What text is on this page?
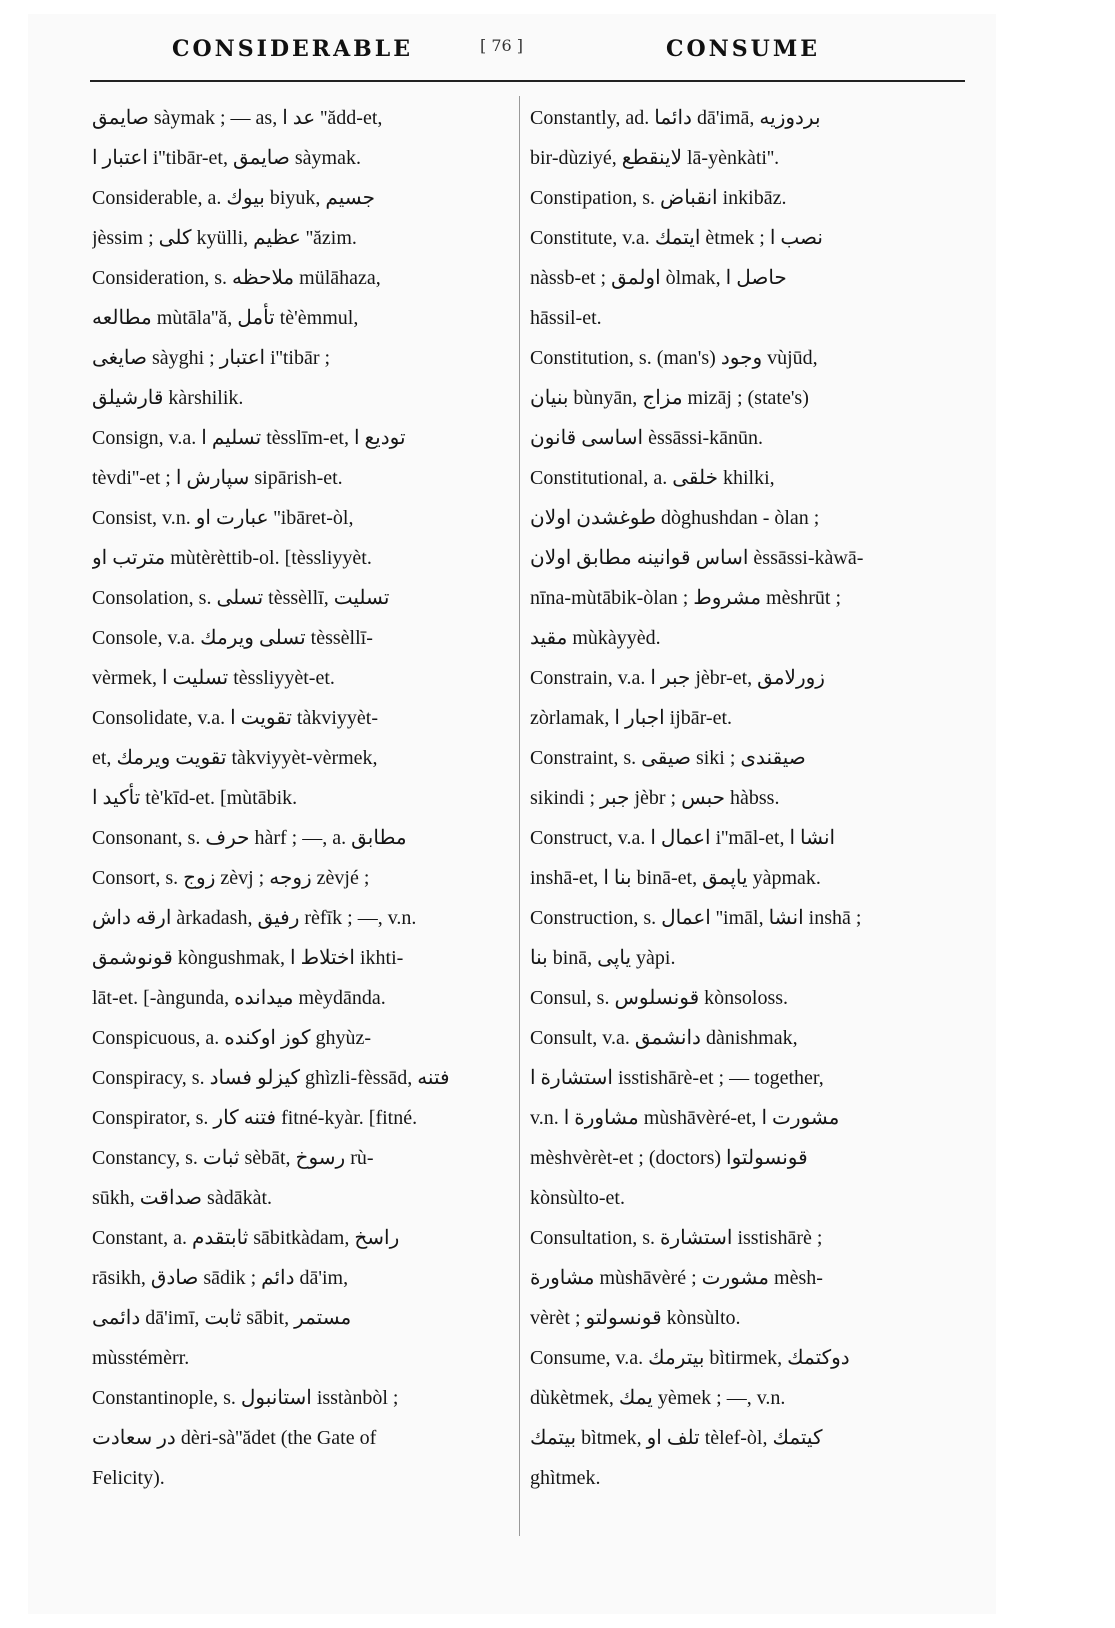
CONSIDERABLE	[ 76 ]	CONSUME
صايمق sàymak ; — as, عد ا ''ădd-et,
اعتبار ا i''tibār-et, صايمق sàymak.
Considerable, a. بيوك biyuk, جسيم
jèssim ; كلى kyülli, عظيم ''ăzim.
Consideration, s. ملاحظه mülāhaza,
مطالعه mùtāla''ă, تأمل tè'èmmul,
صايغى sàyghi ; اعتبار i''tibār ;
قارشيلق kàrshilik.
Consign, v.a. تسليم ا tèsslīm-et, توديع ا
tèvdi''-et ; سپارش ا sipārish-et.
Consist, v.n. عبارت او ''ibāret-òl,
مترتب او mùtèrèttib-ol. [tèssliyyèt.
Consolation, s. تسلى tèssèllī, تسليت
Console, v.a. تسلى ويرمك tèssèllī-
vèrmek, تسليت ا tèssliyyèt-et.
Consolidate, v.a. تقويت ا tàkviyyèt-
et, تقويت ويرمك tàkviyyèt-vèrmek,
تأكيد ا tè'kīd-et. [mùtābik.
Consonant, s. حرف hàrf ; —, a. مطابق
Consort, s. زوج zèvj ; زوجه zèvjé ;
ارقه داش àrkadash, رفيق rèfīk ; —, v.n.
قونوشمق kòngushmak, اختلاط ا ikhti-
lāt-et. [-àngunda, ميدانده mèydānda.
Conspicuous, a. كوز اوكنده ghyùz-
Conspiracy, s. كيزلو فساد ghìzli-fèssād, فتنه
Conspirator, s. فتنه كار fitné-kyàr. [fitné.
Constancy, s. ثبات sèbāt, رسوخ rù-
sūkh, صداقت sàdākàt.
Constant, a. ثابتقدم sābitkàdam, راسخ
rāsikh, صادق sādik ; دائم dā'im,
دائمى dā'imī, ثابت sābit, مستمر
mùsstémèrr.
Constantinople, s. استانبول isstànbòl ;
در سعادت dèri-sà''ădet (the Gate of
Felicity).
Constantly, ad. دائما dā'imā, بردوزيه
bir-dùziyé, لاينقطع lā-yènkàti''.
Constipation, s. انقباض inkibāz.
Constitute, v.a. ايتمك ètmek ; نصب ا
nàssb-et ; اولمق òlmak, حاصل ا
hāssil-et.
Constitution, s. (man's) وجود vùjūd,
بنيان bùnyān, مزاج mizāj ; (state's)
اساسى قانون èssāssi-kānūn.
Constitutional, a. خلقى khilki,
طوغشدن اولان dòghushdan - òlan ;
اساس قوانينه مطابق اولان èssāssi-kàwā-
nīna-mùtābik-òlan ; مشروط mèshrūt ;
مقيد mùkàyyèd.
Constrain, v.a. جبر ا jèbr-et, زورلامق
zòrlamak, اجبار ا ijbār-et.
Constraint, s. صيقى siki ; صيقندى
sikindi ; جبر jèbr ; حبس hàbss.
Construct, v.a. اعمال ا i''māl-et, انشا ا
inshā-et, بنا ا binā-et, ياپمق yàpmak.
Construction, s. اعمال ''imāl, انشا inshā ;
بنا binā, ياپى yàpi.
Consul, s. قونسلوس kònsoloss.
Consult, v.a. دانشمق dànishmak,
استشارة ا isstishārè-et ; — together,
v.n. مشاورة ا mùshāvèré-et, مشورت ا
mèshvèrèt-et ; (doctors) قونسولتوا
kònsùlto-et.
Consultation, s. استشارة isstishārè ;
مشاورة mùshāvèré ; مشورت mèsh-
vèrèt ; قونسولتو kònsùlto.
Consume, v.a. بيترمك bìtirmek, دوكتمك
dùkètmek, يمك yèmek ; —, v.n.
بيتمك bìtmek, تلف او tèlef-òl, كيتمك
ghìtmek.
